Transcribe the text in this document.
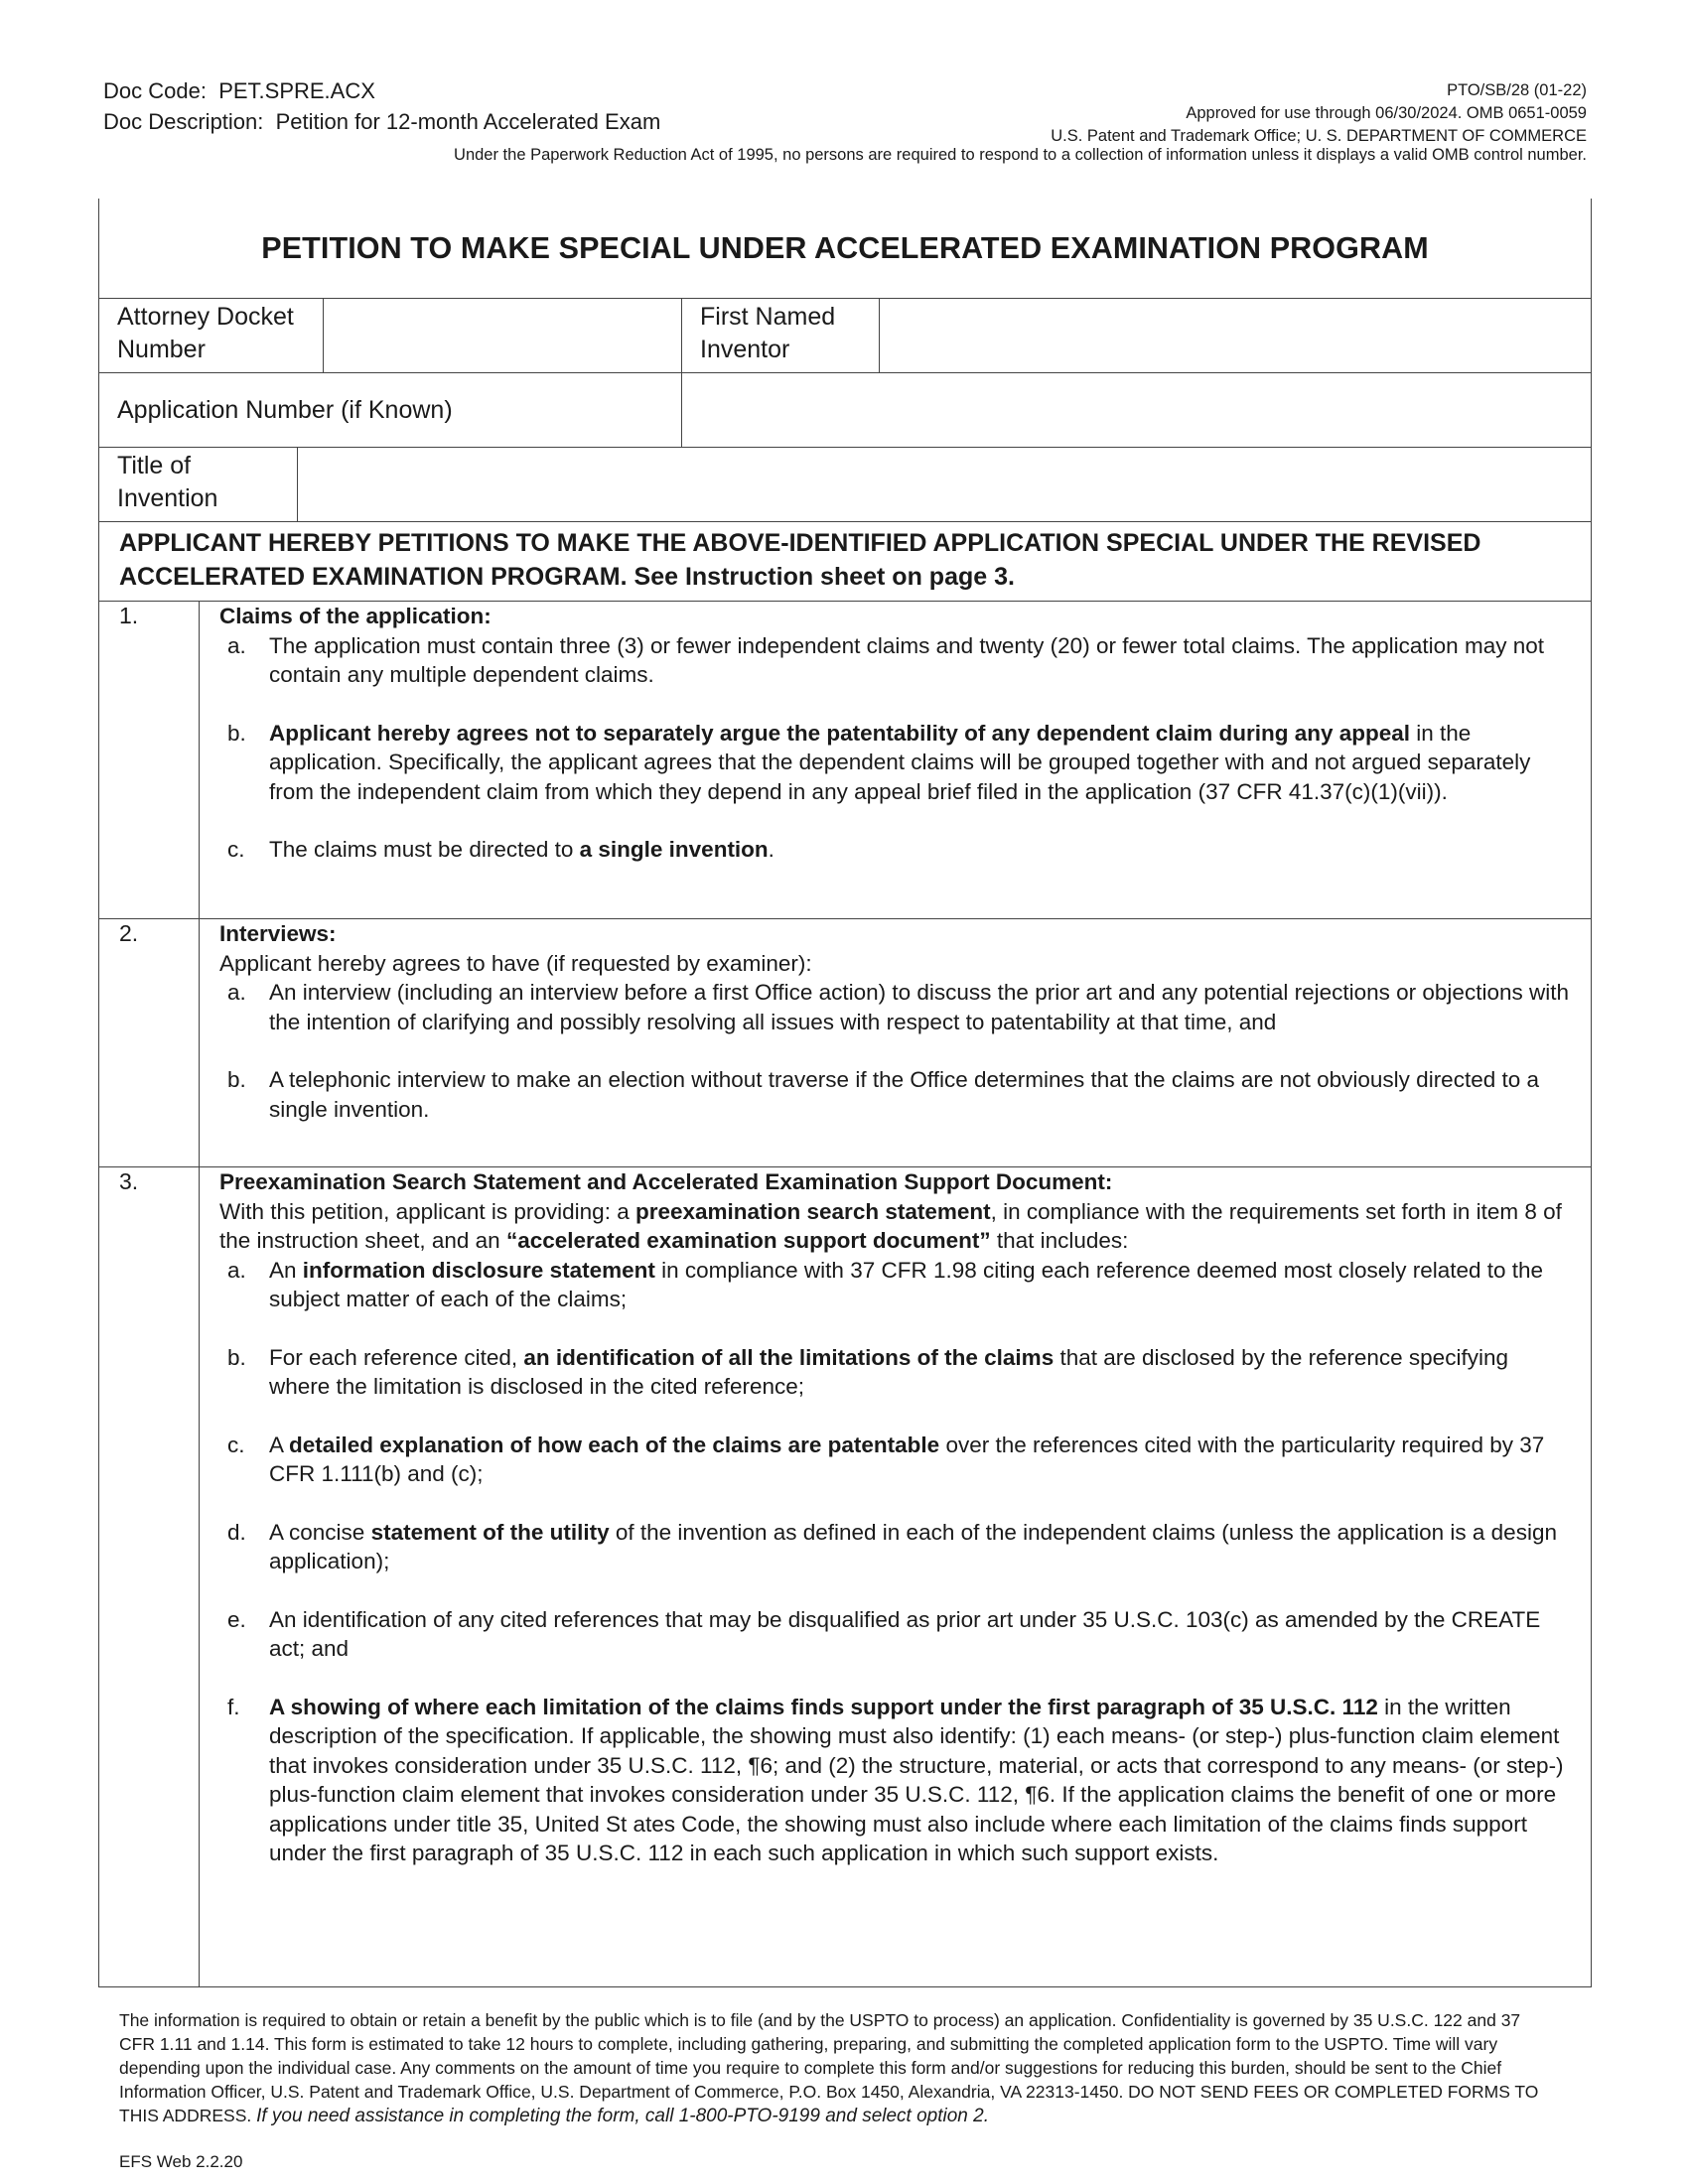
Doc Code: PET.SPRE.ACX
Doc Description: Petition for 12-month Accelerated Exam
PTO/SB/28 (01-22)
Approved for use through 06/30/2024. OMB 0651-0059
U.S. Patent and Trademark Office; U. S. DEPARTMENT OF COMMERCE
Under the Paperwork Reduction Act of 1995, no persons are required to respond to a collection of information unless it displays a valid OMB control number.
PETITION TO MAKE SPECIAL UNDER ACCELERATED EXAMINATION PROGRAM
Attorney Docket Number
First Named Inventor
Application Number (if Known)
Title of Invention
APPLICANT HEREBY PETITIONS TO MAKE THE ABOVE-IDENTIFIED APPLICATION SPECIAL UNDER THE REVISED ACCELERATED EXAMINATION PROGRAM. See Instruction sheet on page 3.
1.	Claims of the application:
a.	The application must contain three (3) or fewer independent claims and twenty (20) or fewer total claims. The application may not contain any multiple dependent claims.
b.	Applicant hereby agrees not to separately argue the patentability of any dependent claim during any appeal in the application. Specifically, the applicant agrees that the dependent claims will be grouped together with and not argued separately from the independent claim from which they depend in any appeal brief filed in the application (37 CFR 41.37(c)(1)(vii)).
c.	The claims must be directed to a single invention.
2.	Interviews:
Applicant hereby agrees to have (if requested by examiner):
a.	An interview (including an interview before a first Office action) to discuss the prior art and any potential rejections or objections with the intention of clarifying and possibly resolving all issues with respect to patentability at that time, and
b.	A telephonic interview to make an election without traverse if the Office determines that the claims are not obviously directed to a single invention.
3.	Preexamination Search Statement and Accelerated Examination Support Document:
With this petition, applicant is providing: a preexamination search statement, in compliance with the requirements set forth in item 8 of the instruction sheet, and an “accelerated examination support document” that includes:
a.	An information disclosure statement in compliance with 37 CFR 1.98 citing each reference deemed most closely related to the subject matter of each of the claims;
b.	For each reference cited, an identification of all the limitations of the claims that are disclosed by the reference specifying where the limitation is disclosed in the cited reference;
c.	A detailed explanation of how each of the claims are patentable over the references cited with the particularity required by 37 CFR 1.111(b) and (c);
d.	A concise statement of the utility of the invention as defined in each of the independent claims (unless the application is a design application);
e.	An identification of any cited references that may be disqualified as prior art under 35 U.S.C. 103(c) as amended by the CREATE act; and
f.	A showing of where each limitation of the claims finds support under the first paragraph of 35 U.S.C. 112 in the written description of the specification. If applicable, the showing must also identify: (1) each means- (or step-) plus-function claim element that invokes consideration under 35 U.S.C. 112, ¶6; and (2) the structure, material, or acts that correspond to any means- (or step-) plus-function claim element that invokes consideration under 35 U.S.C. 112, ¶6. If the application claims the benefit of one or more applications under title 35, United St ates Code, the showing must also include where each limitation of the claims finds support under the first paragraph of 35 U.S.C. 112 in each such application in which such support exists.
The information is required to obtain or retain a benefit by the public which is to file (and by the USPTO to process) an application. Confidentiality is governed by 35 U.S.C. 122 and 37 CFR 1.11 and 1.14. This form is estimated to take 12 hours to complete, including gathering, preparing, and submitting the completed application form to the USPTO. Time will vary depending upon the individual case. Any comments on the amount of time you require to complete this form and/or suggestions for reducing this burden, should be sent to the Chief Information Officer, U.S. Patent and Trademark Office, U.S. Department of Commerce, P.O. Box 1450, Alexandria, VA 22313-1450. DO NOT SEND FEES OR COMPLETED FORMS TO THIS ADDRESS. If you need assistance in completing the form, call 1-800-PTO-9199 and select option 2.
EFS Web 2.2.20
